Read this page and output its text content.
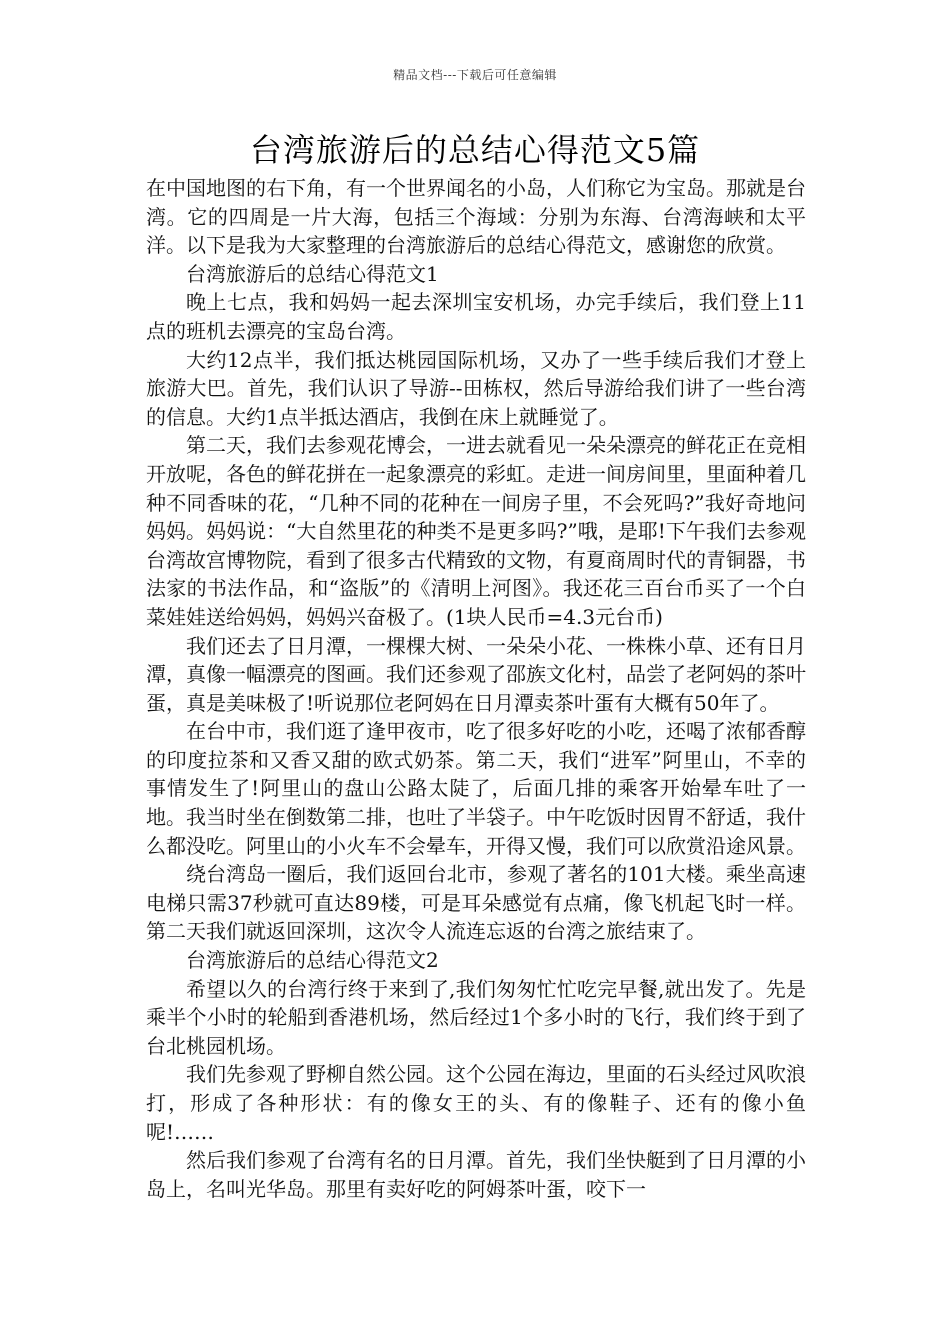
精品文档---下载后可任意编辑
台湾旅游后的总结心得范文5篇

在中国地图的右下角，有一个世界闻名的小岛，人们称它为宝岛。那就是台湾。它的四周是一片大海，包括三个海域：分别为东海、台湾海峡和太平洋。以下是我为大家整理的台湾旅游后的总结心得范文，感谢您的欣赏。

台湾旅游后的总结心得范文1

晚上七点，我和妈妈一起去深圳宝安机场，办完手续后，我们登上11点的班机去漂亮的宝岛台湾。

大约12点半，我们抵达桃园国际机场，又办了一些手续后我们才登上旅游大巴。首先，我们认识了导游--田栋权，然后导游给我们讲了一些台湾的信息。大约1点半抵达酒店，我倒在床上就睡觉了。

第二天，我们去参观花博会，一进去就看见一朵朵漂亮的鲜花正在竞相开放呢，各色的鲜花拼在一起象漂亮的彩虹。走进一间房间里，里面种着几种不同香味的花，“几种不同的花种在一间房子里，不会死吗?”我好奇地问妈妈。妈妈说：“大自然里花的种类不是更多吗?”哦，是耶!下午我们去参观台湾故宫博物院，看到了很多古代精致的文物，有夏商周时代的青铜器，书法家的书法作品，和“盗版”的《清明上河图》。我还花三百台币买了一个白菜娃娃送给妈妈，妈妈兴奋极了。(1块人民币=4.3元台币)

我们还去了日月潭，一棵棵大树、一朵朵小花、一株株小草、还有日月潭，真像一幅漂亮的图画。我们还参观了邵族文化村，品尝了老阿妈的茶叶蛋，真是美味极了!听说那位老阿妈在日月潭卖茶叶蛋有大概有50年了。

在台中市，我们逛了逢甲夜市，吃了很多好吃的小吃，还喝了浓郁香醇的印度拉茶和又香又甜的欧式奶茶。第二天，我们“进军”阿里山，不幸的事情发生了!阿里山的盘山公路太陡了，后面几排的乘客开始晕车吐了一地。我当时坐在倒数第二排，也吐了半袋子。中午吃饭时因胃不舒适，我什么都没吃。阿里山的小火车不会晕车，开得又慢，我们可以欣赏沿途风景。

绕台湾岛一圈后，我们返回台北市，参观了著名的101大楼。乘坐高速电梯只需37秒就可直达89楼，可是耳朵感觉有点痛，像飞机起飞时一样。第二天我们就返回深圳，这次令人流连忘返的台湾之旅结束了。

台湾旅游后的总结心得范文2

希望以久的台湾行终于来到了,我们匆匆忙忙吃完早餐,就出发了。先是乘半个小时的轮船到香港机场，然后经过1个多小时的飞行，我们终于到了台北桃园机场。

我们先参观了野柳自然公园。这个公园在海边，里面的石头经过风吹浪打，形成了各种形状：有的像女王的头、有的像鞋子、还有的像小鱼呢!……

然后我们参观了台湾有名的日月潭。首先，我们坐快艇到了日月潭的小岛上，名叫光华岛。那里有卖好吃的阿姆茶叶蛋，咬下一
